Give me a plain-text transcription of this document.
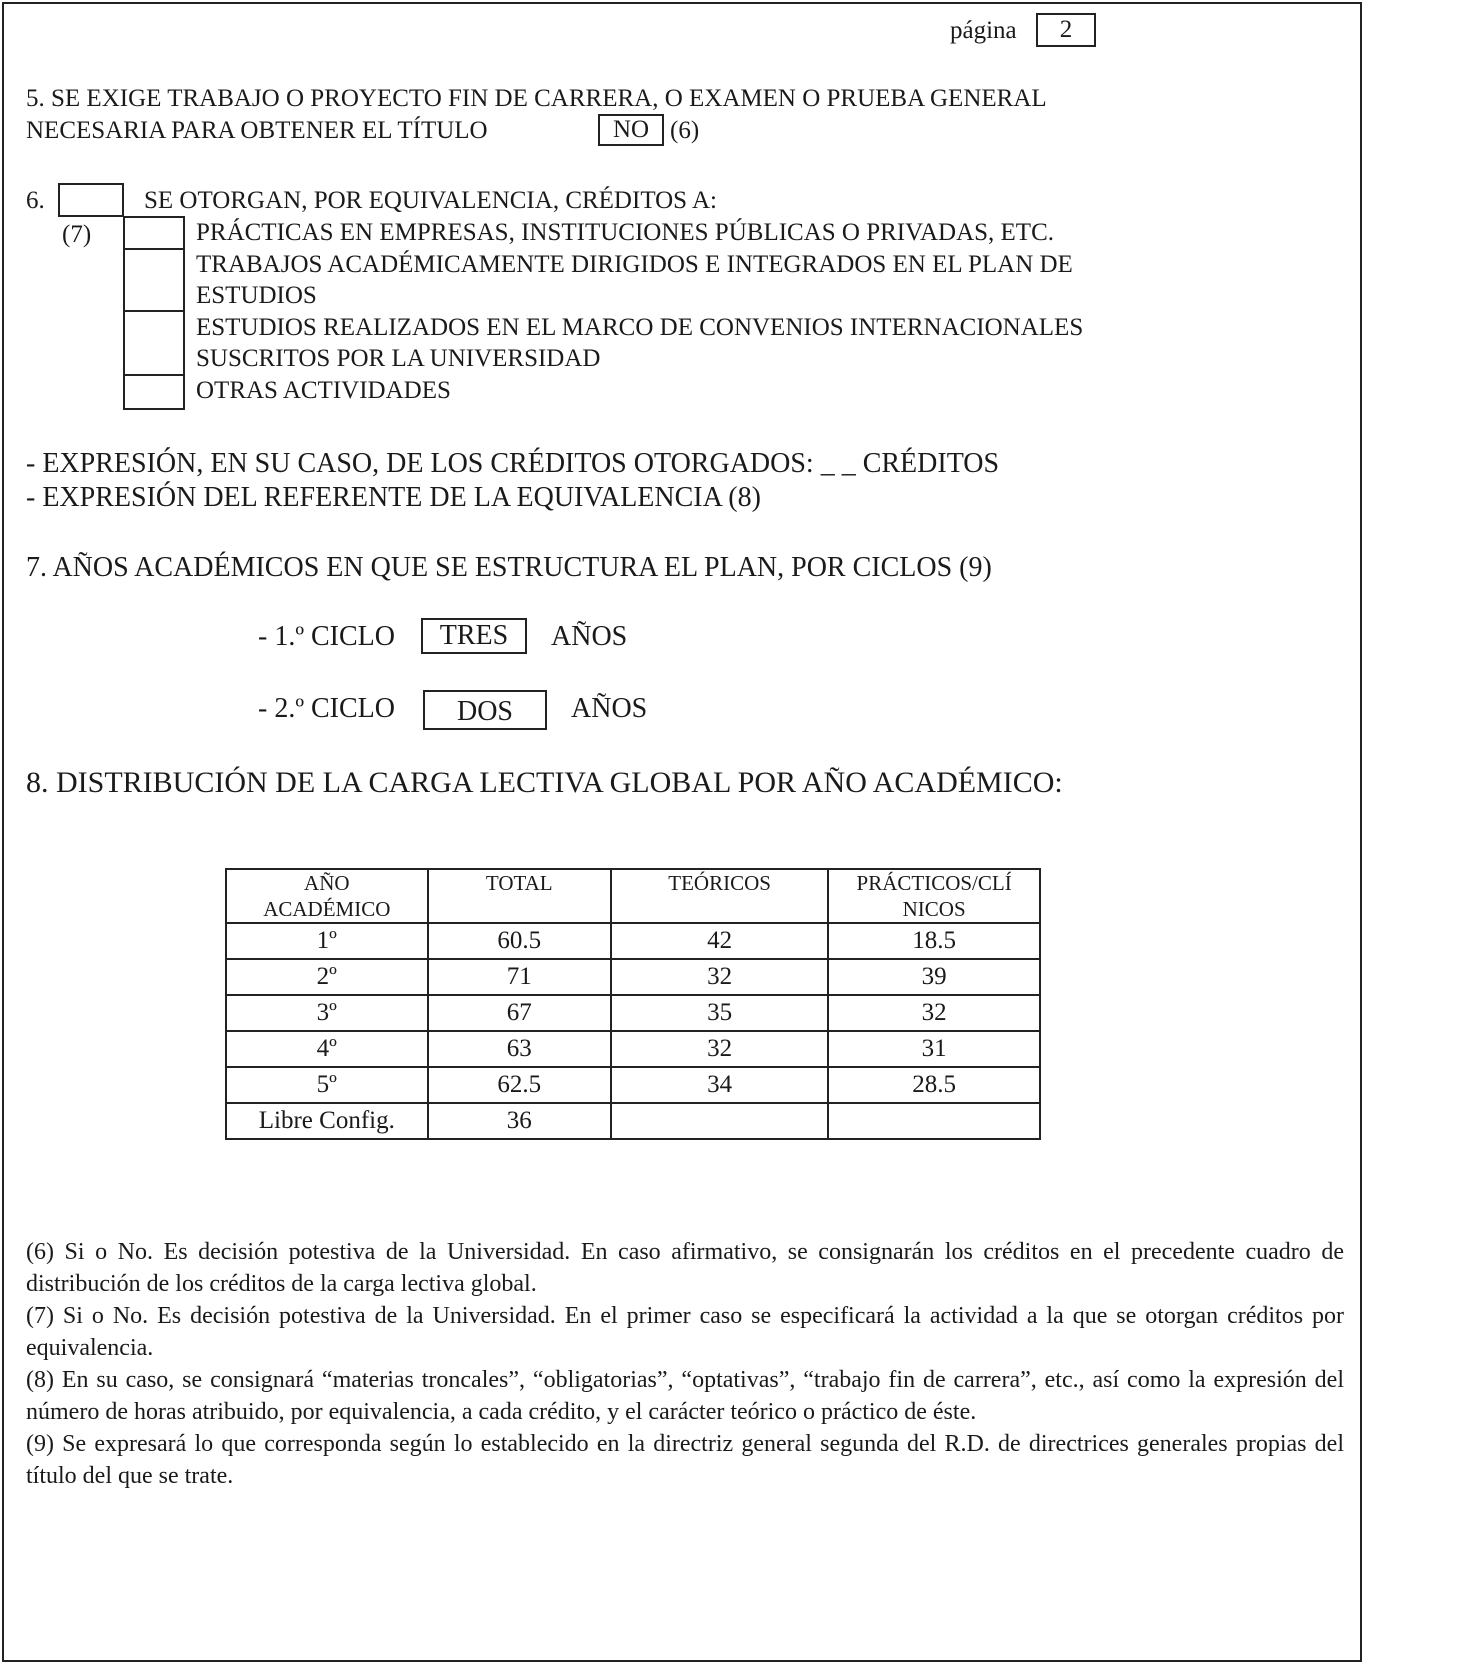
página	2
5. SE EXIGE TRABAJO O PROYECTO FIN DE CARRERA, O EXAMEN O PRUEBA GENERAL
NECESARIA PARA OBTENER EL TÍTULO	NO (6)
6.	SE OTORGAN, POR EQUIVALENCIA, CRÉDITOS A:
(7)	PRÁCTICAS EN EMPRESAS, INSTITUCIONES PÚBLICAS O PRIVADAS, ETC.
TRABAJOS ACADÉMICAMENTE DIRIGIDOS E INTEGRADOS EN EL PLAN DE
ESTUDIOS
ESTUDIOS REALIZADOS EN EL MARCO DE CONVENIOS INTERNACIONALES
SUSCRITOS POR LA UNIVERSIDAD
OTRAS ACTIVIDADES
- EXPRESIÓN, EN SU CASO, DE LOS CRÉDITOS OTORGADOS: _ _ CRÉDITOS
- EXPRESIÓN DEL REFERENTE DE LA EQUIVALENCIA (8)
7. AÑOS ACADÉMICOS EN QUE SE ESTRUCTURA EL PLAN, POR CICLOS (9)
- 1.º CICLO	TRES	AÑOS
- 2.º CICLO	DOS	AÑOS
8. DISTRIBUCIÓN DE LA CARGA LECTIVA GLOBAL POR AÑO ACADÉMICO:
AÑO
ACADÉMICO	TOTAL	TEÓRICOS	PRÁCTICOS/CLÍ
NICOS
1º	60.5	42	18.5
2º	71	32	39
3º	67	35	32
4º	63	32	31
5º	62.5	34	28.5
Libre Config.	36		

(6) Si o No. Es decisión potestiva de la Universidad. En caso afirmativo, se consignarán los créditos en el precedente cuadro de distribución de los créditos de la carga lectiva global.

(7) Si o No. Es decisión potestiva de la Universidad. En el primer caso se especificará la actividad a la que se otorgan créditos por equivalencia.

(8) En su caso, se consignará “materias troncales”, “obligatorias”, “optativas”, “trabajo fin de carrera”, etc., así como la expresión del número de horas atribuido, por equivalencia, a cada crédito, y el carácter teórico o práctico de éste.

(9) Se expresará lo que corresponda según lo establecido en la directriz general segunda del R.D. de directrices generales propias del título del que se trate.
